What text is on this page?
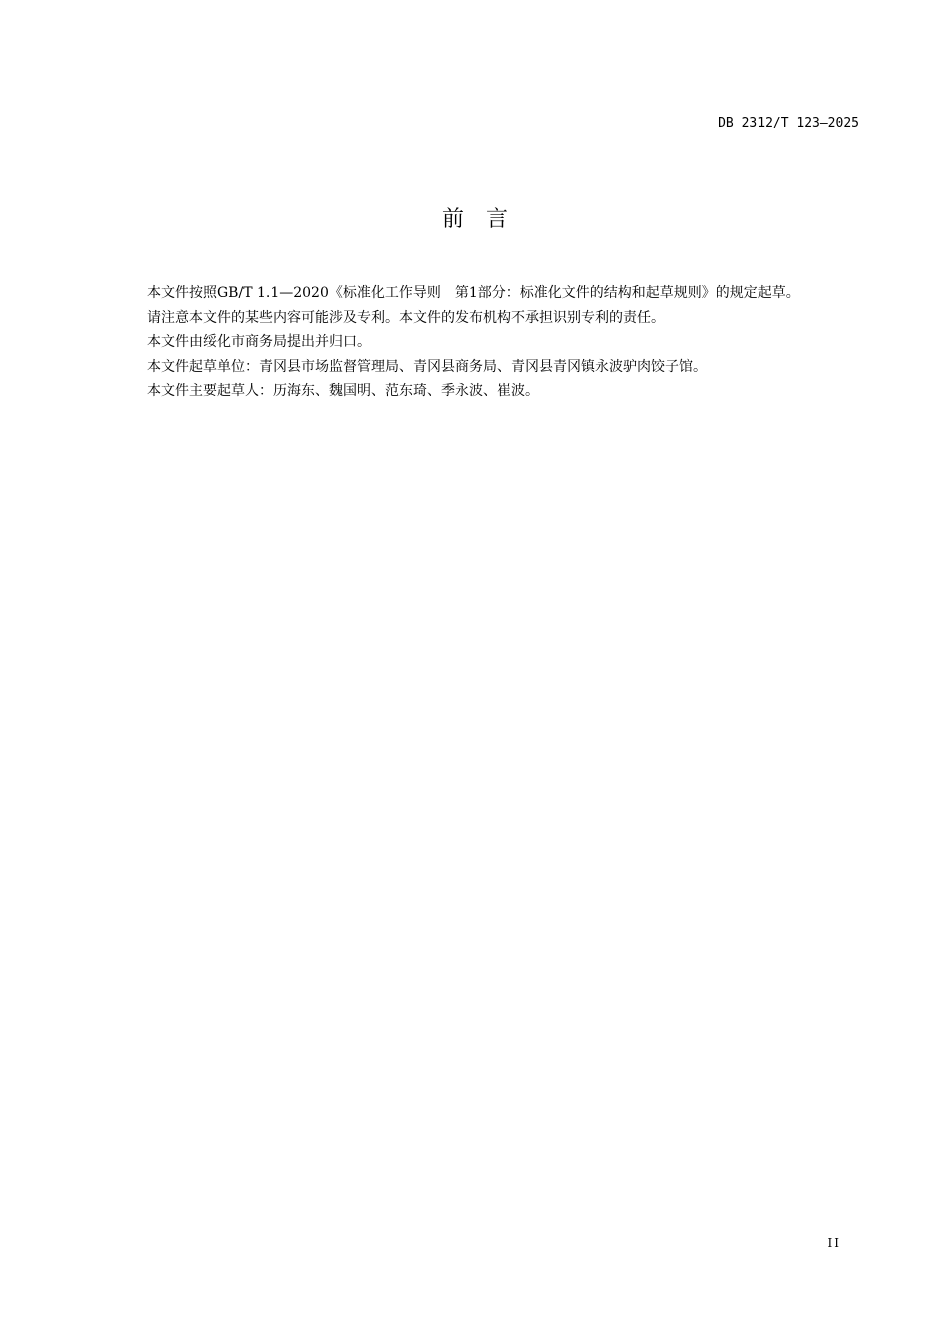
DB 2312/T 123—2025
前　言

本文件按照GB/T 1.1—2020《标准化工作导则　第1部分：标准化文件的结构和起草规则》的规定起草。

请注意本文件的某些内容可能涉及专利。本文件的发布机构不承担识别专利的责任。

本文件由绥化市商务局提出并归口。

本文件起草单位：青冈县市场监督管理局、青冈县商务局、青冈县青冈镇永波驴肉饺子馆。

本文件主要起草人：历海东、魏国明、范东琦、季永波、崔波。

II
